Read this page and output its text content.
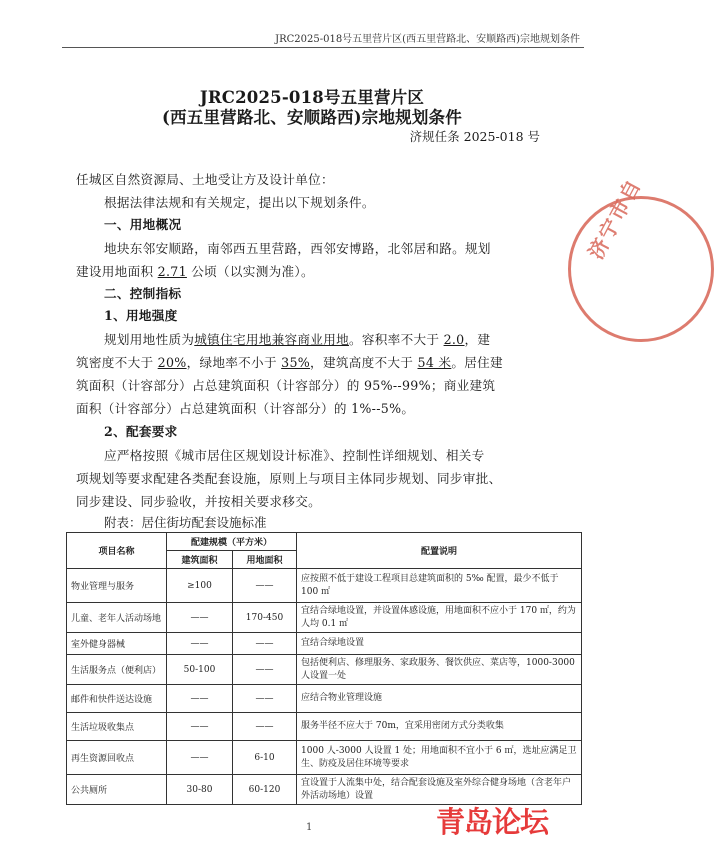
JRC2025-018号五里营片区(西五里营路北、安顺路西)宗地规划条件
JRC2025-018号五里营片区
(西五里营路北、安顺路西)宗地规划条件
济规任条 2025-018 号
任城区自然资源局、土地受让方及设计单位：
根据法律法规和有关规定，提出以下规划条件。
一、用地概况
地块东邻安顺路，南邻西五里营路，西邻安博路，北邻居和路。规划
建设用地面积 2.71 公顷（以实测为准）。
二、控制指标
1、用地强度
规划用地性质为城镇住宅用地兼容商业用地。容积率不大于 2.0，建
筑密度不大于 20%，绿地率不小于 35%，建筑高度不大于 54 米。居住建
筑面积（计容部分）占总建筑面积（计容部分）的 95%--99%；商业建筑
面积（计容部分）占总建筑面积（计容部分）的 1%--5%。
2、配套要求
应严格按照《城市居住区规划设计标准》、控制性详细规划、相关专
项规划等要求配建各类配套设施，原则上与项目主体同步规划、同步审批、
同步建设、同步验收，并按相关要求移交。
附表：居住街坊配套设施标准
项目名称	配建规模（平方米）		配置说明
	建筑面积	用地面积	
物业管理与服务	≥100	——	应按照不低于建设工程项目总建筑面积的 5‰ 配置，最少不低于 100 ㎡
儿童、老年人活动场地	——	170-450	宜结合绿地设置，并设置体感设施，用地面积不应小于 170 ㎡，约为人均 0.1 ㎡
室外健身器械	——	——	宜结合绿地设置
生活服务点（便利店）	50-100	——	包括便利店、修理服务、家政服务、餐饮供应、菜店等，1000-3000 人设置一处
邮件和快件送达设施	——	——	应结合物业管理设施
生活垃圾收集点	——	——	服务半径不应大于 70m，宜采用密闭方式分类收集
再生资源回收点	——	6-10	1000 人-3000 人设置 1 处；用地面积不宜小于 6 ㎡，选址应满足卫生、防疫及居住环境等要求
公共厕所	30-80	60-120	宜设置于人流集中处，结合配套设施及室外综合健身场地（含老年户外活动场地）设置
济宁市自
青岛论坛
1
